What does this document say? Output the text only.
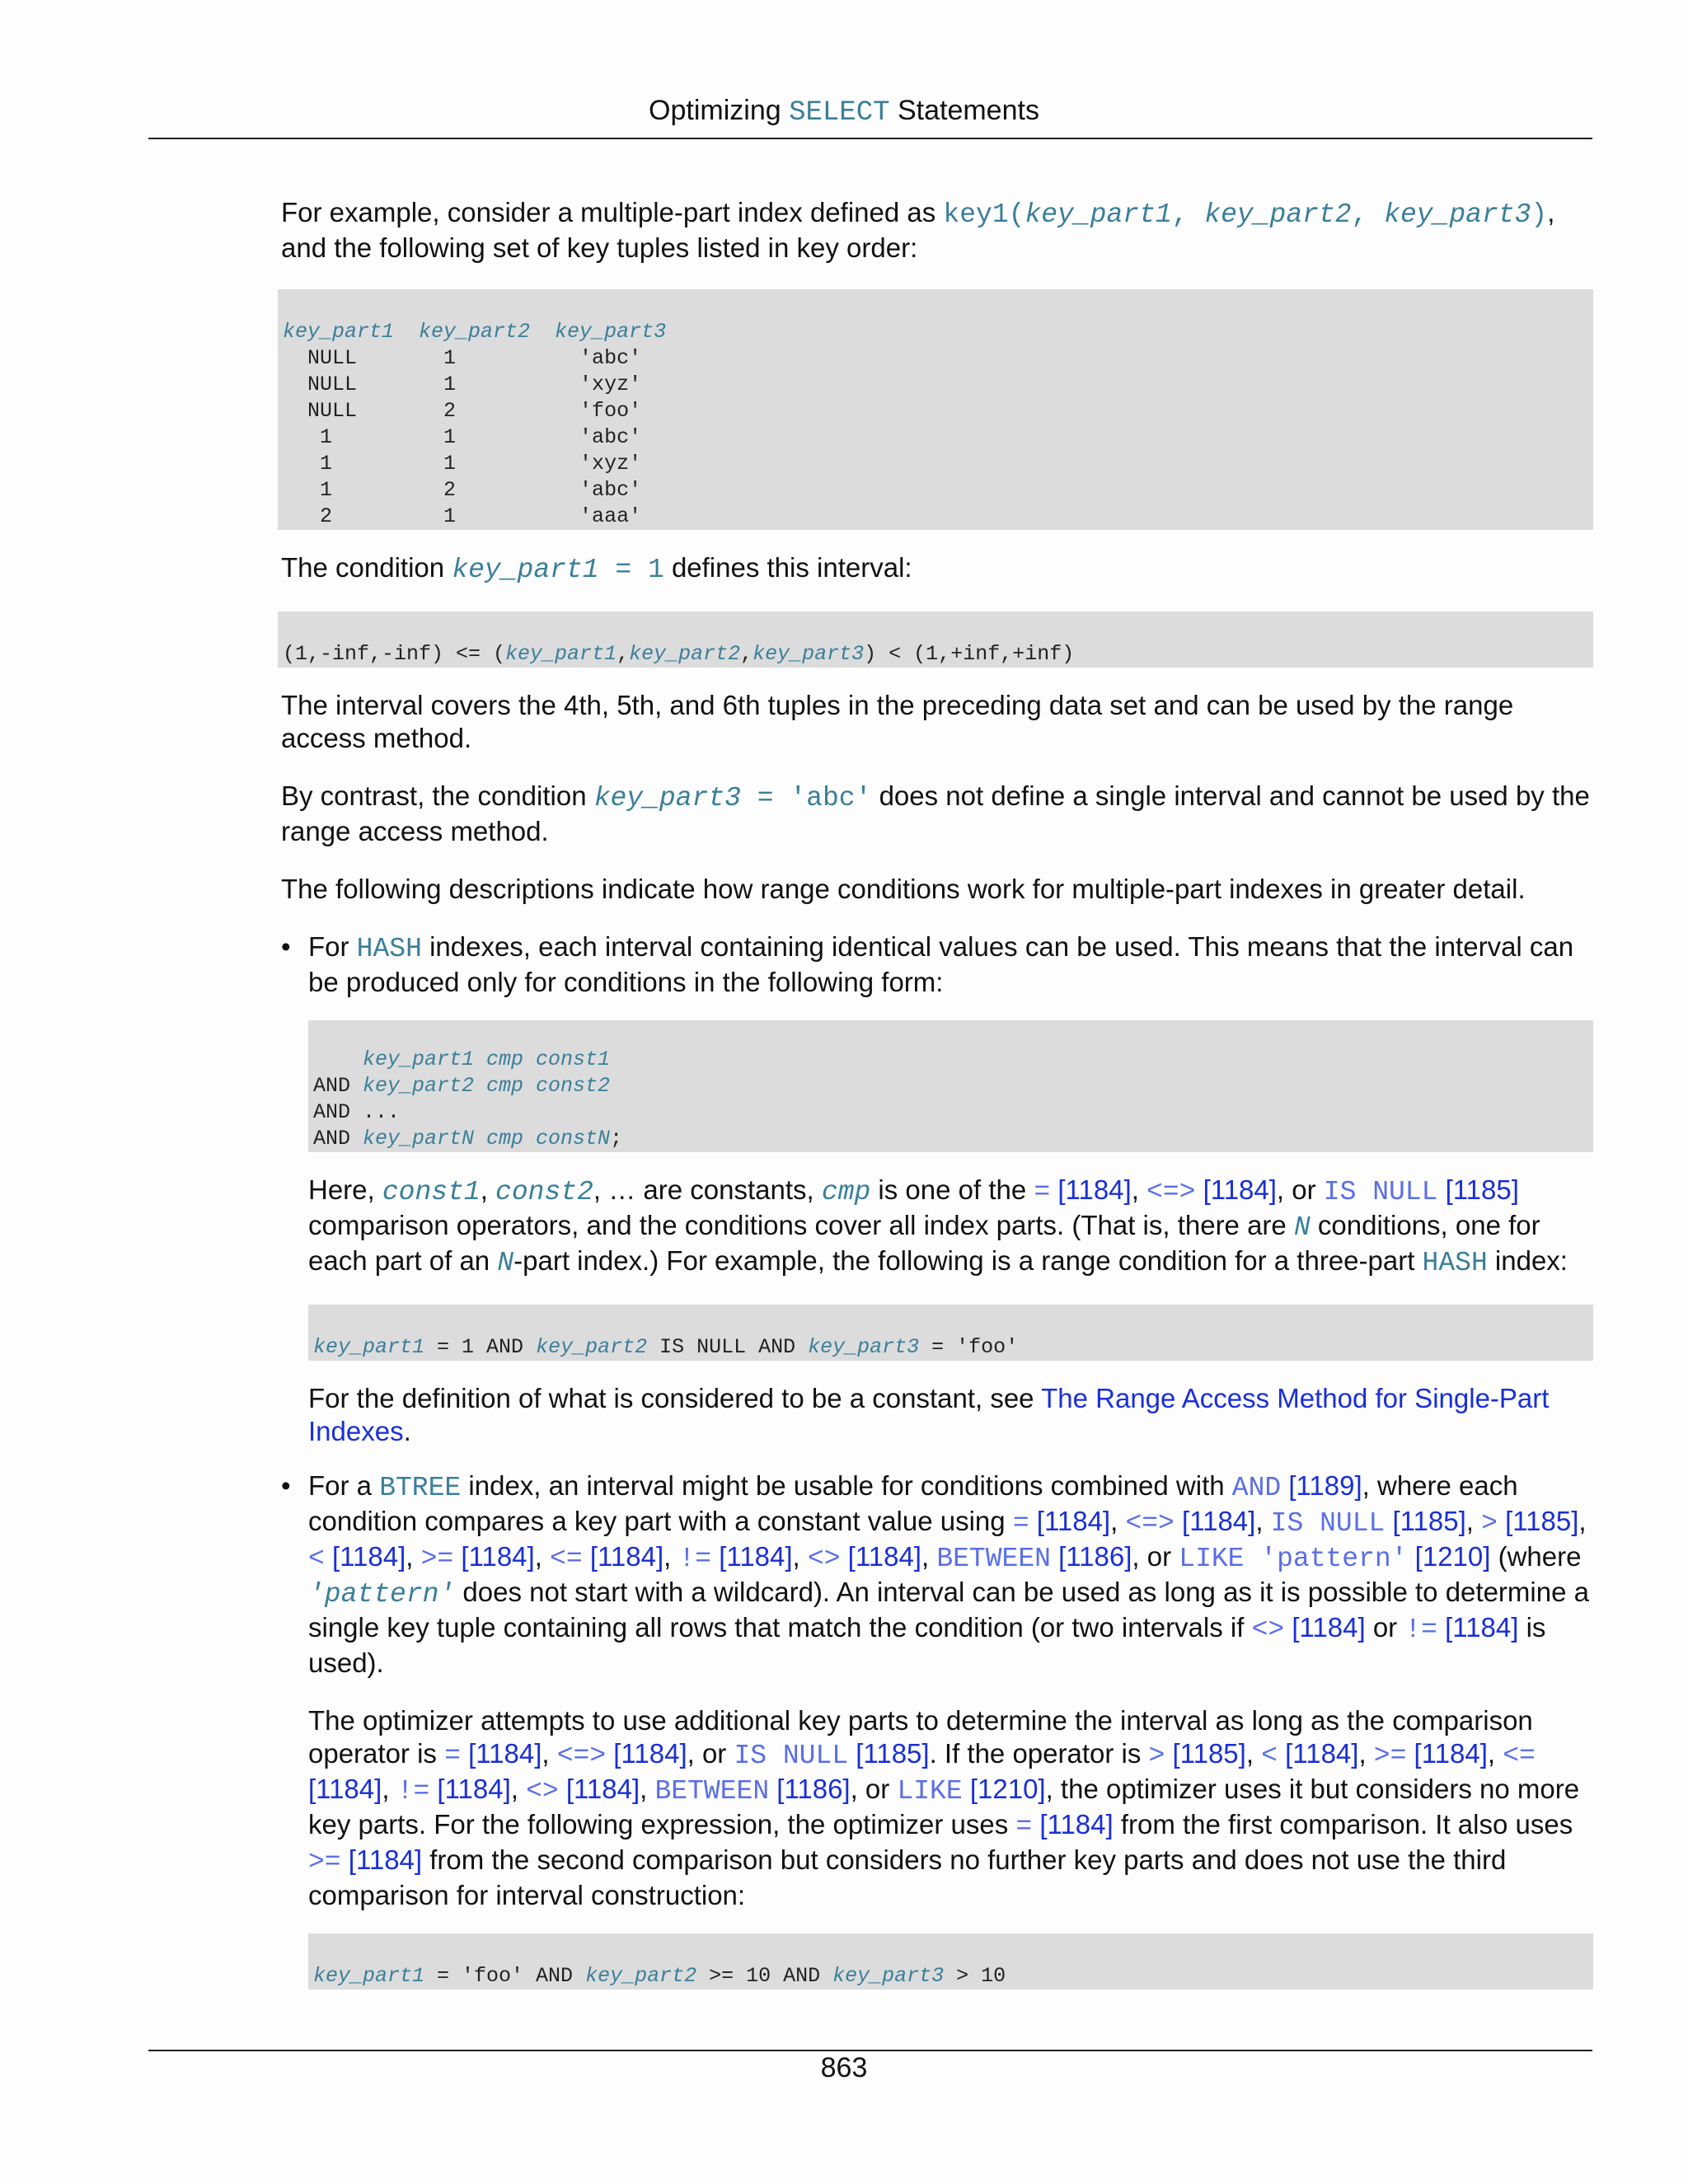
Optimizing SELECT Statements

For example, consider a multiple-part index defined as key1(key_part1, key_part2, key_part3), and the following set of key tuples listed in key order:

key_part1  key_part2  key_part3
NULL       1          'abc'
NULL       1          'xyz'
NULL       2          'foo'
1         1          'abc'
1         1          'xyz'
1         2          'abc'
2         1          'aaa'

The condition key_part1 = 1 defines this interval:

(1,-inf,-inf) <= (key_part1,key_part2,key_part3) < (1,+inf,+inf)

The interval covers the 4th, 5th, and 6th tuples in the preceding data set and can be used by the range access method.

By contrast, the condition key_part3 = 'abc' does not define a single interval and cannot be used by the range access method.

The following descriptions indicate how range conditions work for multiple-part indexes in greater detail.

• For HASH indexes, each interval containing identical values can be used. This means that the interval can be produced only for conditions in the following form:

key_part1 cmp const1
AND key_part2 cmp const2
AND ...
AND key_partN cmp constN;

Here, const1, const2, … are constants, cmp is one of the = [1184], <=> [1184], or IS NULL [1185] comparison operators, and the conditions cover all index parts. (That is, there are N conditions, one for each part of an N-part index.) For example, the following is a range condition for a three-part HASH index:

key_part1 = 1 AND key_part2 IS NULL AND key_part3 = 'foo'

For the definition of what is considered to be a constant, see The Range Access Method for Single-Part Indexes.

• For a BTREE index, an interval might be usable for conditions combined with AND [1189], where each condition compares a key part with a constant value using = [1184], <=> [1184], IS NULL [1185], > [1185], < [1184], >= [1184], <= [1184], != [1184], <> [1184], BETWEEN [1186], or LIKE 'pattern' [1210] (where 'pattern' does not start with a wildcard). An interval can be used as long as it is possible to determine a single key tuple containing all rows that match the condition (or two intervals if <> [1184] or != [1184] is used).

The optimizer attempts to use additional key parts to determine the interval as long as the comparison operator is = [1184], <=> [1184], or IS NULL [1185]. If the operator is > [1185], < [1184], >= [1184], <= [1184], != [1184], <> [1184], BETWEEN [1186], or LIKE [1210], the optimizer uses it but considers no more key parts. For the following expression, the optimizer uses = [1184] from the first comparison. It also uses >= [1184] from the second comparison but considers no further key parts and does not use the third comparison for interval construction:

key_part1 = 'foo' AND key_part2 >= 10 AND key_part3 > 10
863
